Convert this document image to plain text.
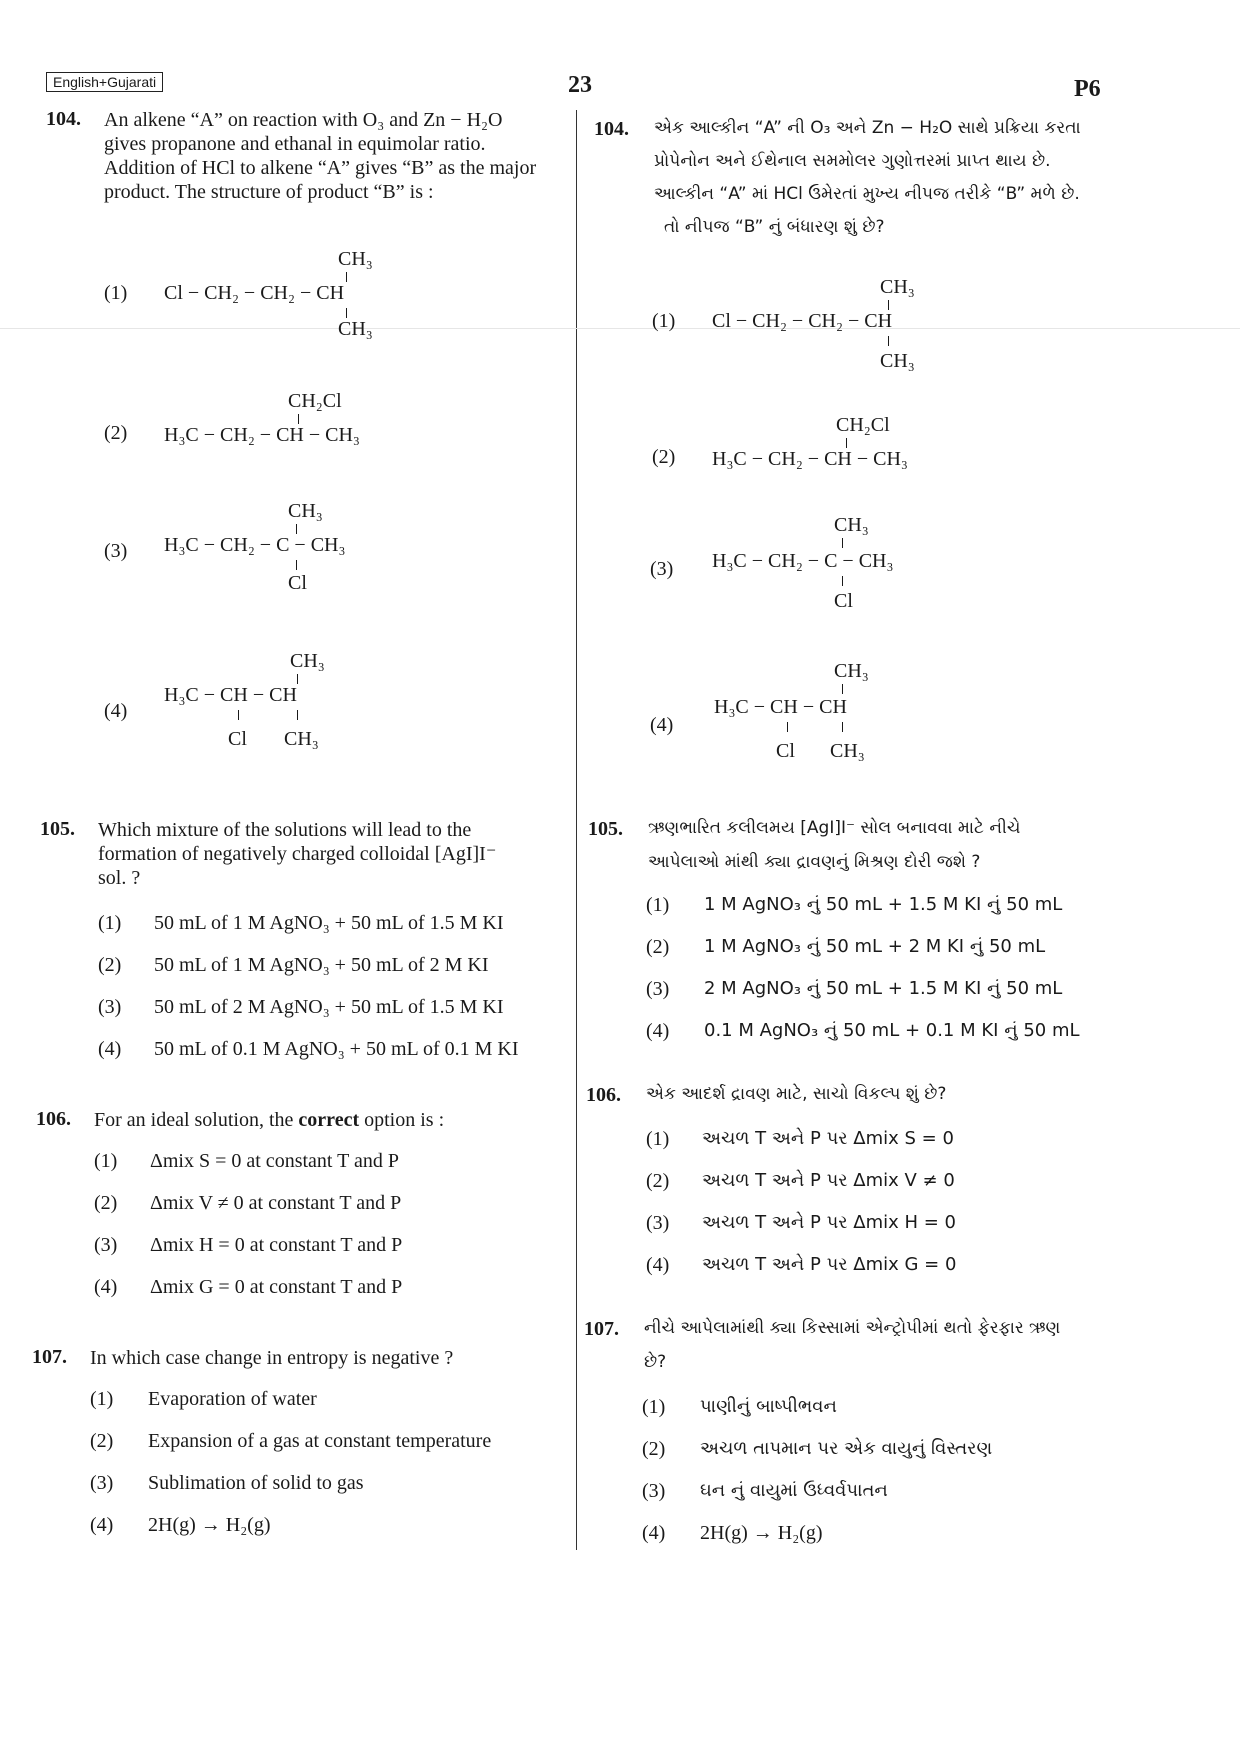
English+Gujarati	23	P6
104. An alkene “A” on reaction with O₃ and Zn − H₂O
gives propanone and ethanal in equimolar ratio.
Addition of HCl to alkene “A” gives “B” as the major
product. The structure of product “B” is :
(1)
CH₃
Cl − CH₂ − CH₂ − CH
CH₃
(2)
CH₂Cl
H₃C − CH₂ − CH − CH₃
(3)
CH₃
H₃C − CH₂ − C − CH₃
Cl
(4)
CH₃
H₃C − CH − CH
Cl CH₃
105. Which mixture of the solutions will lead to the
formation of negatively charged colloidal [AgI]I⁻
sol. ?
(1) 50 mL of 1 M AgNO₃ + 50 mL of 1.5 M KI
(2) 50 mL of 1 M AgNO₃ + 50 mL of 2 M KI
(3) 50 mL of 2 M AgNO₃ + 50 mL of 1.5 M KI
(4) 50 mL of 0.1 M AgNO₃ + 50 mL of 0.1 M KI
106. For an ideal solution, the correct option is :
(1) Δmix S = 0 at constant T and P
(2) Δmix V ≠ 0 at constant T and P
(3) Δmix H = 0 at constant T and P
(4) Δmix G = 0 at constant T and P
107. In which case change in entropy is negative ?
(1) Evaporation of water
(2) Expansion of a gas at constant temperature
(3) Sublimation of solid to gas
(4) 2H(g) → H₂(g)
104. એક આલ્કીન “A” ની O₃ અને Zn − H₂O સાથે પ્રક્રિયા કરતા
પ્રોપેનોન અને ઈથેનાલ સમમોલર ગુણોત્તરમાં પ્રાપ્ત થાય છે.
આલ્કીન “A” માં HCl ઉમેરતાં મુખ્ય નીપજ તરીકે “B” મળે છે.
તો નીપજ “B” નું બંધારણ શું છે?
(1)
CH₃
Cl − CH₂ − CH₂ − CH
CH₃
(2)
CH₂Cl
H₃C − CH₂ − CH − CH₃
(3)
CH₃
H₃C − CH₂ − C − CH₃
Cl
(4)
CH₃
H₃C − CH − CH
Cl CH₃
105. ઋણભારિત કલીલમય [AgI]I⁻ સોલ બનાવવા માટે નીચે
આપેલાઓ માંથી ક્યા દ્રાવણનું મિશ્રણ દોરી જશે ?
(1) 1 M AgNO₃ નું 50 mL + 1.5 M KI નું 50 mL
(2) 1 M AgNO₃ નું 50 mL + 2 M KI નું 50 mL
(3) 2 M AgNO₃ નું 50 mL + 1.5 M KI નું 50 mL
(4) 0.1 M AgNO₃ નું 50 mL + 0.1 M KI નું 50 mL
106. એક આદર્શ દ્રાવણ માટે, સાચો વિકલ્પ શું છે?
(1) અચળ T અને P પર Δmix S = 0
(2) અચળ T અને P પર Δmix V ≠ 0
(3) અચળ T અને P પર Δmix H = 0
(4) અચળ T અને P પર Δmix G = 0
107. નીચે આપેલામાંથી ક્યા કિસ્સામાં એન્ટ્રોપીમાં થતો ફેરફાર ઋણ
છે?
(1) પાણીનું બાષ્પીભવન
(2) અચળ તાપમાન પર એક વાયુનું વિસ્તરણ
(3) ઘન નું વાયુમાં ઉધ્વર્વપાતન
(4) 2H(g) → H₂(g)
